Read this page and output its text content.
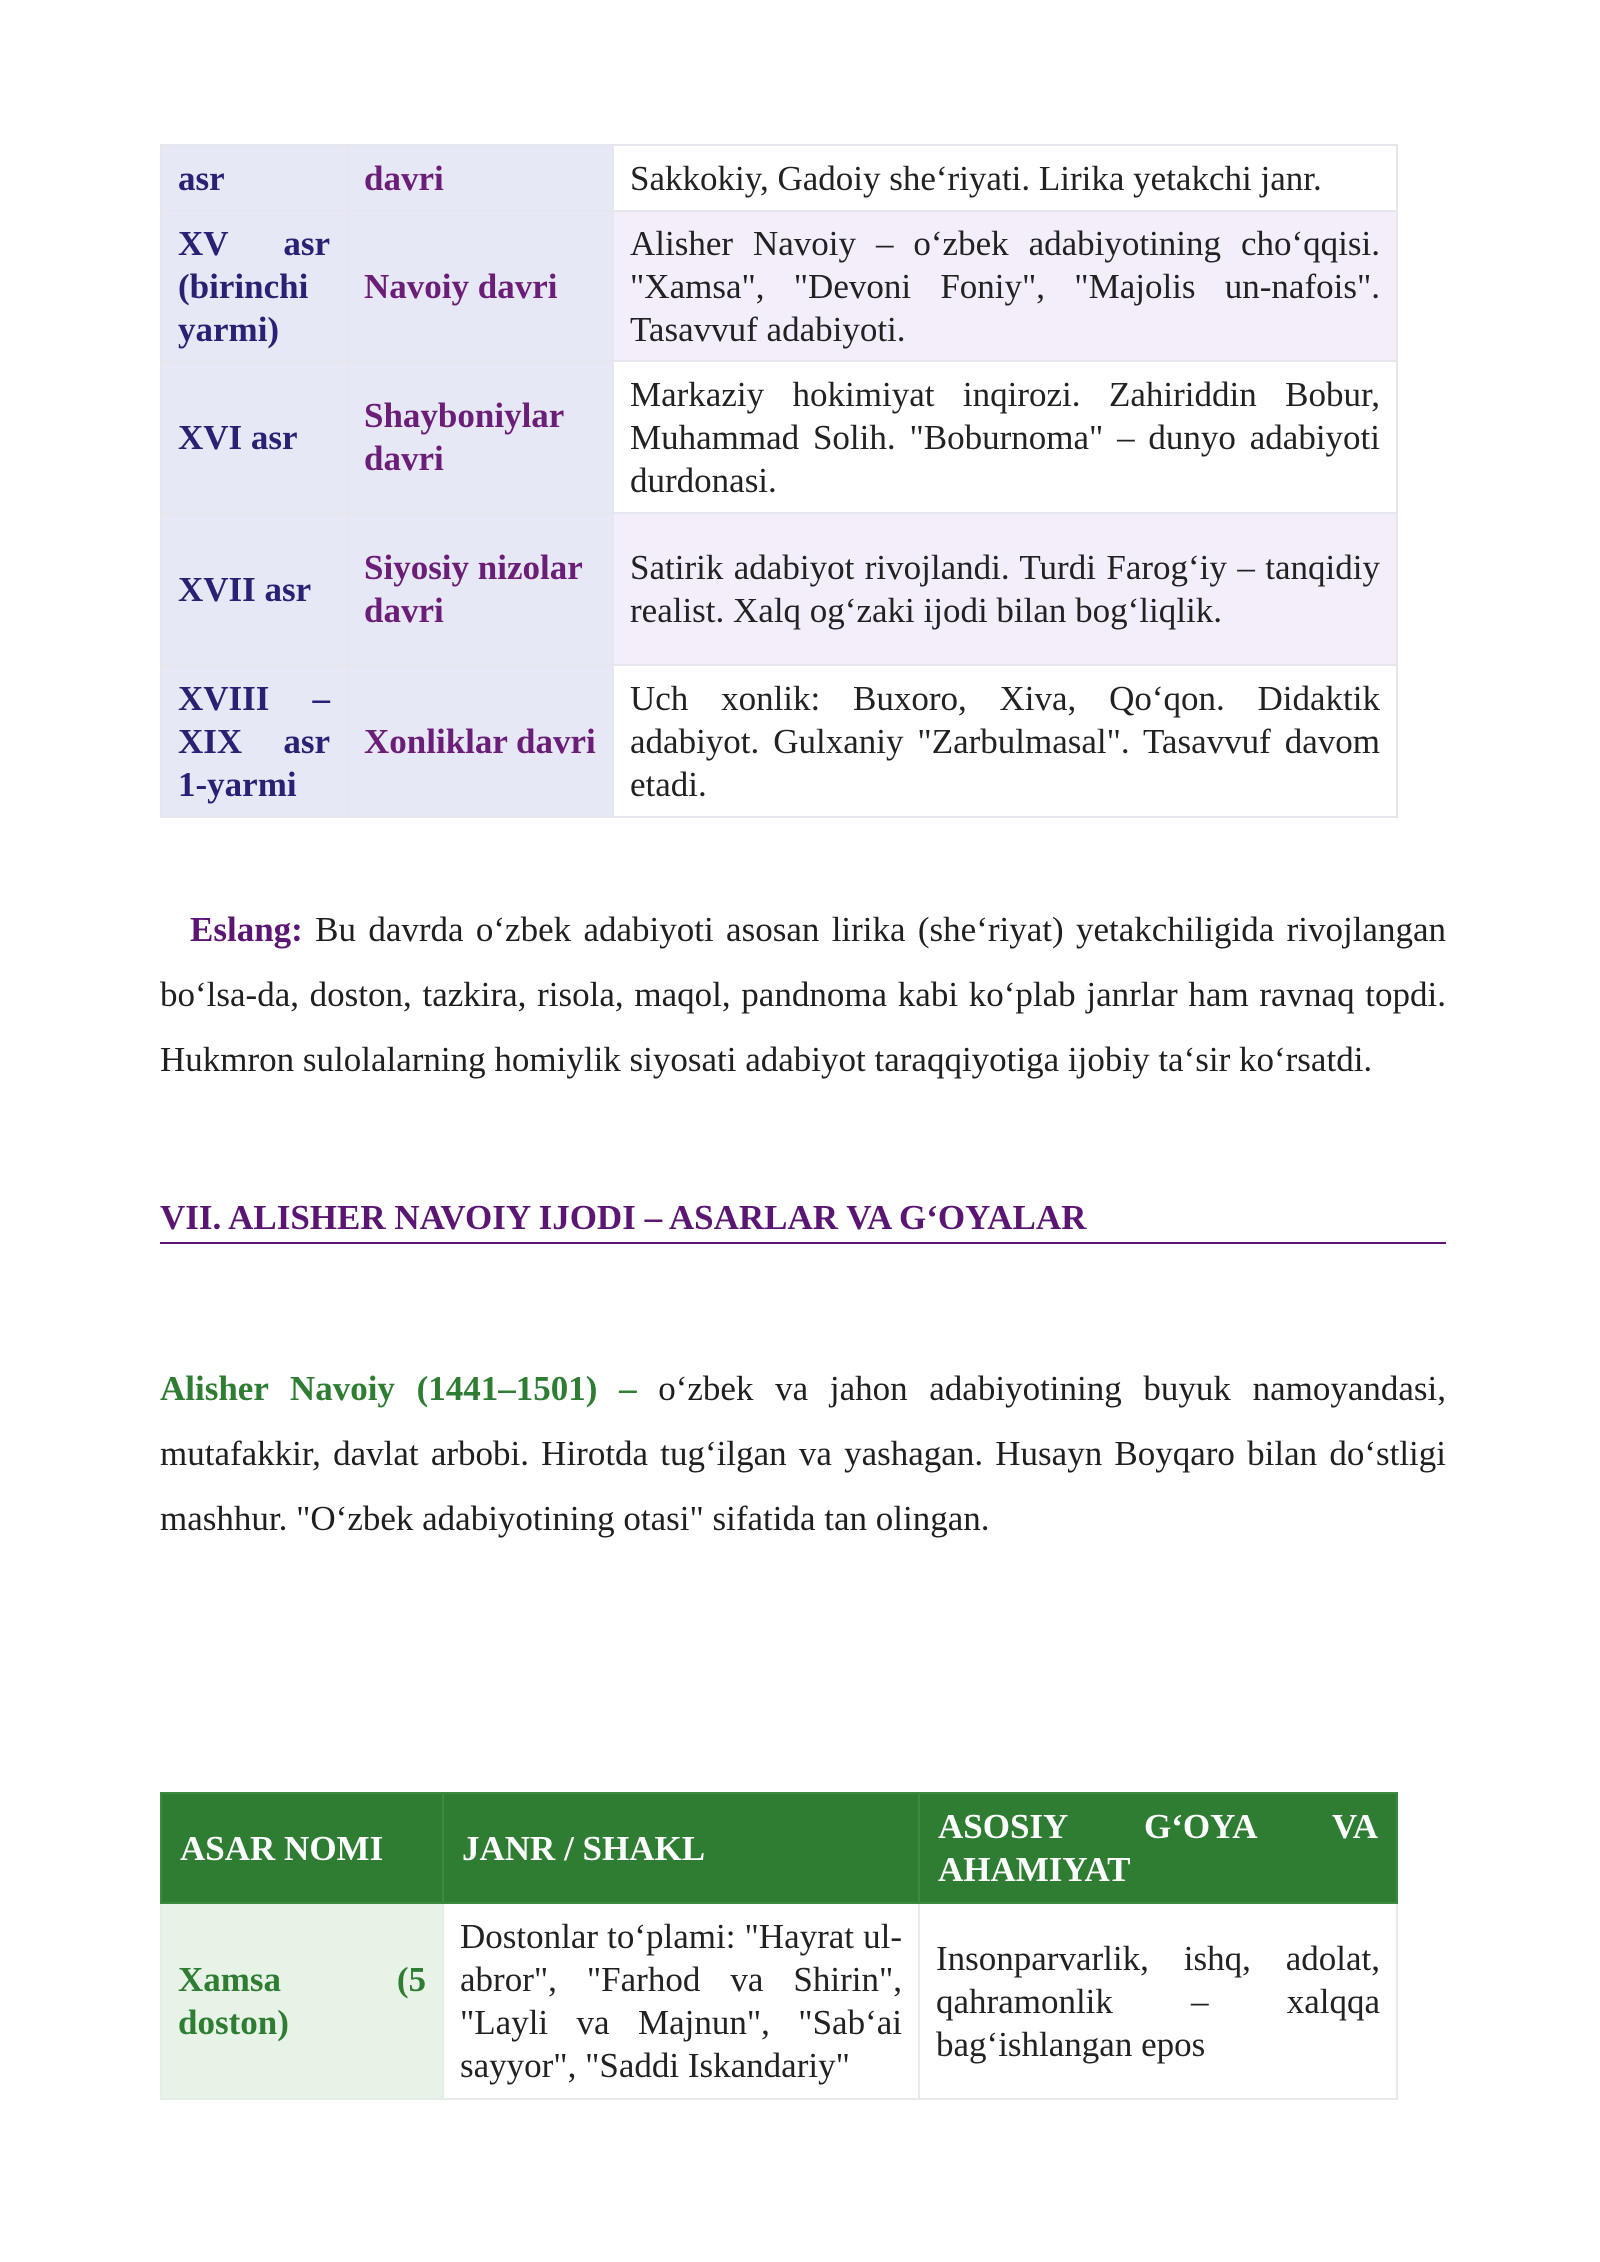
asr	davri	Sakkokiy, Gadoiy she‘riyati. Lirika yetakchi janr.
XV asr (birinchi yarmi)	Navoiy davri	Alisher Navoiy – o‘zbek adabiyotining cho‘qqisi. "Xamsa", "Devoni Foniy", "Majolis un-nafois". Tasavvuf adabiyoti.
XVI asr	Shayboniylar davri	Markaziy hokimiyat inqirozi. Zahiriddin Bobur, Muhammad Solih. "Boburnoma" – dunyo adabiyoti durdonasi.
XVII asr	Siyosiy nizolar davri	Satirik adabiyot rivojlandi. Turdi Farog‘iy – tanqidiy realist. Xalq og‘zaki ijodi bilan bog‘liqlik.
XVIII – XIX asr 1-yarmi	Xonliklar davri	Uch xonlik: Buxoro, Xiva, Qo‘qon. Didaktik adabiyot. Gulxaniy "Zarbulmasal". Tasavvuf davom etadi.

Eslang: Bu davrda o‘zbek adabiyoti asosan lirika (she‘riyat) yetakchiligida rivojlangan bo‘lsa-da, doston, tazkira, risola, maqol, pandnoma kabi ko‘plab janrlar ham ravnaq topdi. Hukmron sulolalarning homiylik siyosati adabiyot taraqqiyotiga ijobiy ta‘sir ko‘rsatdi.

VII. ALISHER NAVOIY IJODI – ASARLAR VA G‘OYALAR

Alisher Navoiy (1441–1501) – o‘zbek va jahon adabiyotining buyuk namoyandasi, mutafakkir, davlat arbobi. Hirotda tug‘ilgan va yashagan. Husayn Boyqaro bilan do‘stligi mashhur. "O‘zbek adabiyotining otasi" sifatida tan olingan.

ASAR NOMI	JANR / SHAKL	ASOSIY G‘OYA VA AHAMIYAT
Xamsa (5 doston)	Dostonlar to‘plami: "Hayrat ul-abror", "Farhod va Shirin", "Layli va Majnun", "Sab‘ai sayyor", "Saddi Iskandariy"	Insonparvarlik, ishq, adolat, qahramonlik – xalqqa bag‘ishlangan epos
